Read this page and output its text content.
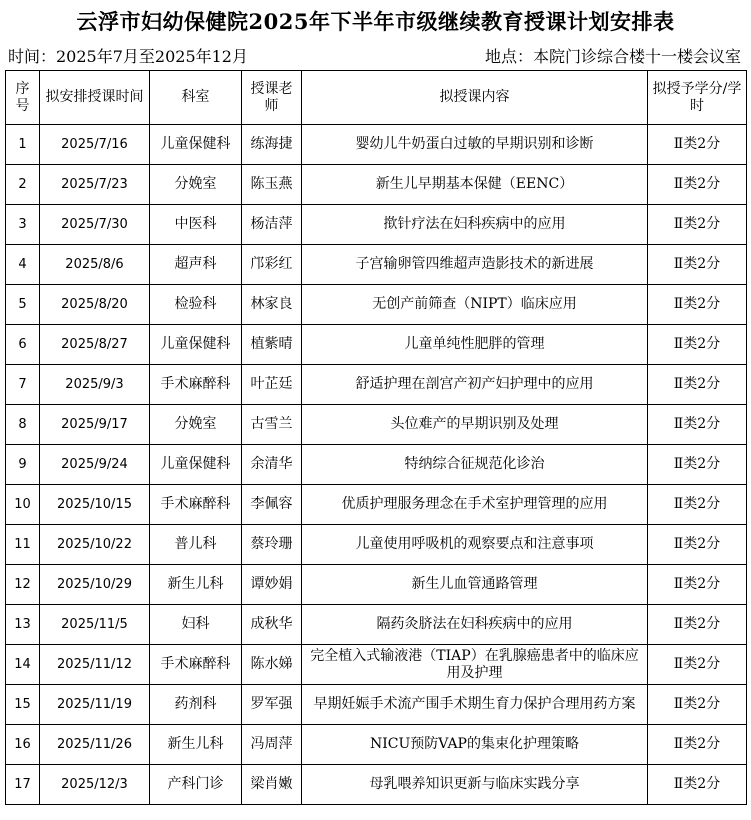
云浮市妇幼保健院2025年下半年市级继续教育授课计划安排表
时间：2025年7月至2025年12月	地点：本院门诊综合楼十一楼会议室
序号	拟安排授课时间	科室	授课老师	拟授课内容	拟授予学分/学时
1	2025/7/16	儿童保健科	练海捷	婴幼儿牛奶蛋白过敏的早期识别和诊断	Ⅱ类2分
2	2025/7/23	分娩室	陈玉燕	新生儿早期基本保健（EENC）	Ⅱ类2分
3	2025/7/30	中医科	杨洁萍	揿针疗法在妇科疾病中的应用	Ⅱ类2分
4	2025/8/6	超声科	邝彩红	子宫输卵管四维超声造影技术的新进展	Ⅱ类2分
5	2025/8/20	检验科	林家良	无创产前筛查（NIPT）临床应用	Ⅱ类2分
6	2025/8/27	儿童保健科	植紫晴	儿童单纯性肥胖的管理	Ⅱ类2分
7	2025/9/3	手术麻醉科	叶芷廷	舒适护理在剖宫产初产妇护理中的应用	Ⅱ类2分
8	2025/9/17	分娩室	古雪兰	头位难产的早期识别及处理	Ⅱ类2分
9	2025/9/24	儿童保健科	余清华	特纳综合征规范化诊治	Ⅱ类2分
10	2025/10/15	手术麻醉科	李佩容	优质护理服务理念在手术室护理管理的应用	Ⅱ类2分
11	2025/10/22	普儿科	蔡玲珊	儿童使用呼吸机的观察要点和注意事项	Ⅱ类2分
12	2025/10/29	新生儿科	谭妙娟	新生儿血管通路管理	Ⅱ类2分
13	2025/11/5	妇科	成秋华	隔药灸脐法在妇科疾病中的应用	Ⅱ类2分
14	2025/11/12	手术麻醉科	陈水娣	完全植入式输液港（TIAP）在乳腺癌患者中的临床应用及护理	Ⅱ类2分
15	2025/11/19	药剂科	罗军强	早期妊娠手术流产围手术期生育力保护合理用药方案	Ⅱ类2分
16	2025/11/26	新生儿科	冯周萍	NICU预防VAP的集束化护理策略	Ⅱ类2分
17	2025/12/3	产科门诊	梁肖嫩	母乳喂养知识更新与临床实践分享	Ⅱ类2分
